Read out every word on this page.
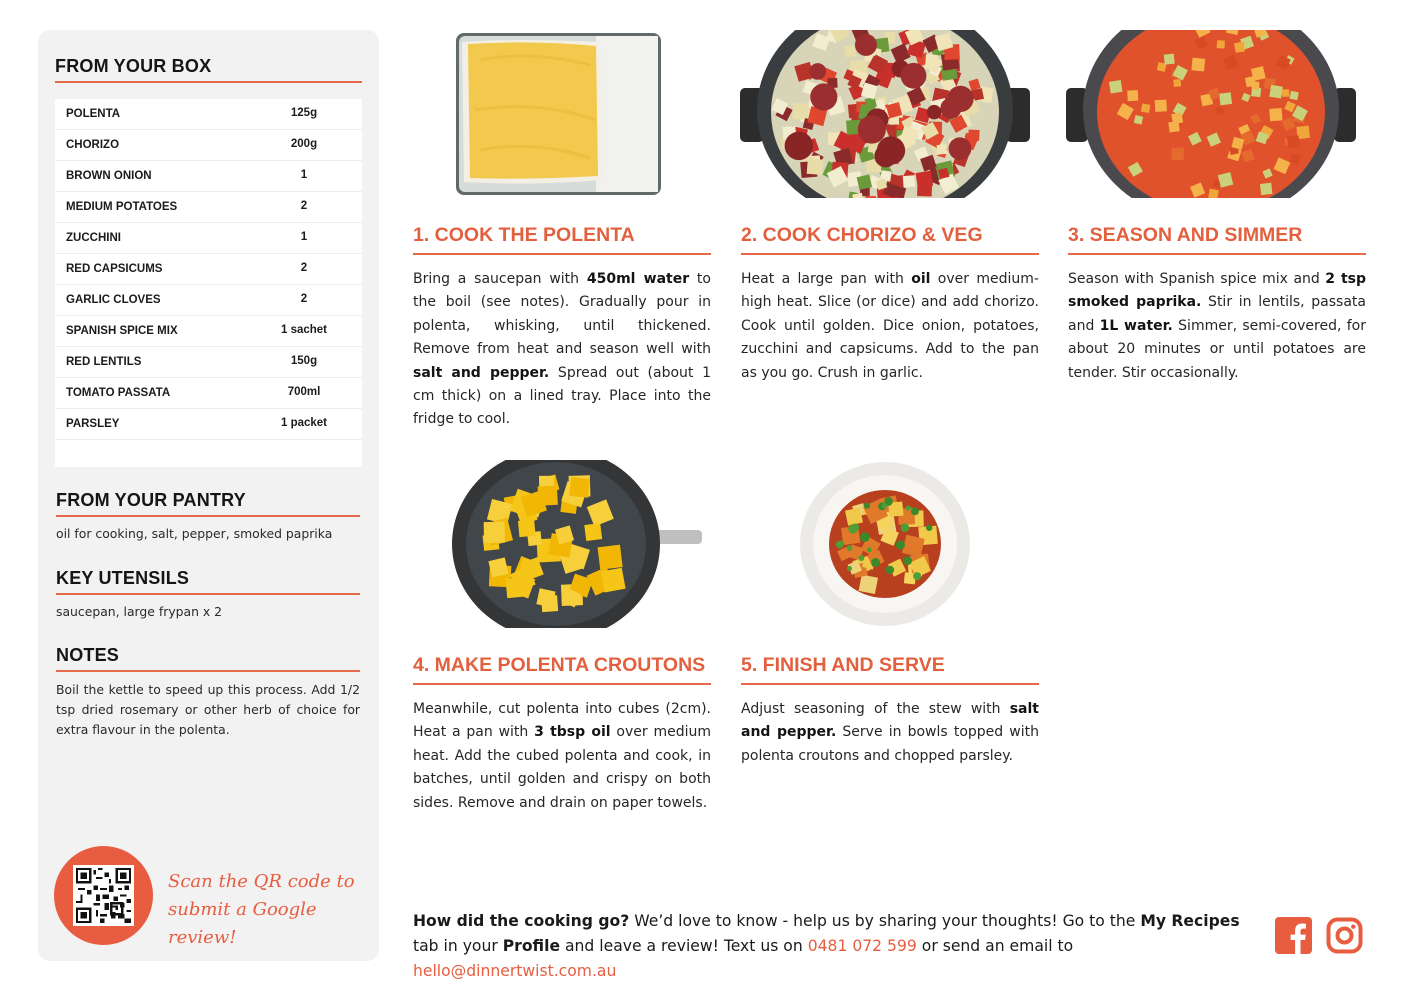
FROM YOUR BOX
POLENTA	125g
CHORIZO	200g
BROWN ONION	1
MEDIUM POTATOES	2
ZUCCHINI	1
RED CAPSICUMS	2
GARLIC CLOVES	2
SPANISH SPICE MIX	1 sachet
RED LENTILS	150g
TOMATO PASSATA	700ml
PARSLEY	1 packet
FROM YOUR PANTRY
oil for cooking, salt, pepper, smoked paprika
KEY UTENSILS
saucepan, large frypan x 2
NOTES
Boil the kettle to speed up this process. Add 1/2 tsp dried rosemary or other herb of choice for extra flavour in the polenta.
Scan the QR code to
submit a Google review!
1. COOK THE POLENTA
Bring a saucepan with 450ml water to the boil (see notes). Gradually pour in polenta, whisking, until thickened. Remove from heat and season well with salt and pepper. Spread out (about 1 cm thick) on a lined tray. Place into the fridge to cool.
2. COOK CHORIZO & VEG
Heat a large pan with oil over medium-high heat. Slice (or dice) and add chorizo. Cook until golden. Dice onion, potatoes, zucchini and capsicums. Add to the pan as you go. Crush in garlic.
3. SEASON AND SIMMER
Season with Spanish spice mix and 2 tsp smoked paprika. Stir in lentils, passata and 1L water. Simmer, semi-covered, for about 20 minutes or until potatoes are tender. Stir occasionally.
4. MAKE POLENTA CROUTONS
Meanwhile, cut polenta into cubes (2cm). Heat a pan with 3 tbsp oil over medium heat. Add the cubed polenta and cook, in batches, until golden and crispy on both sides. Remove and drain on paper towels.
5. FINISH AND SERVE
Adjust seasoning of the stew with salt and pepper. Serve in bowls topped with polenta croutons and chopped parsley.
How did the cooking go? We’d love to know - help us by sharing your thoughts! Go to the My Recipes tab in your Profile and leave a review! Text us on 0481 072 599 or send an email to hello@dinnertwist.com.au
